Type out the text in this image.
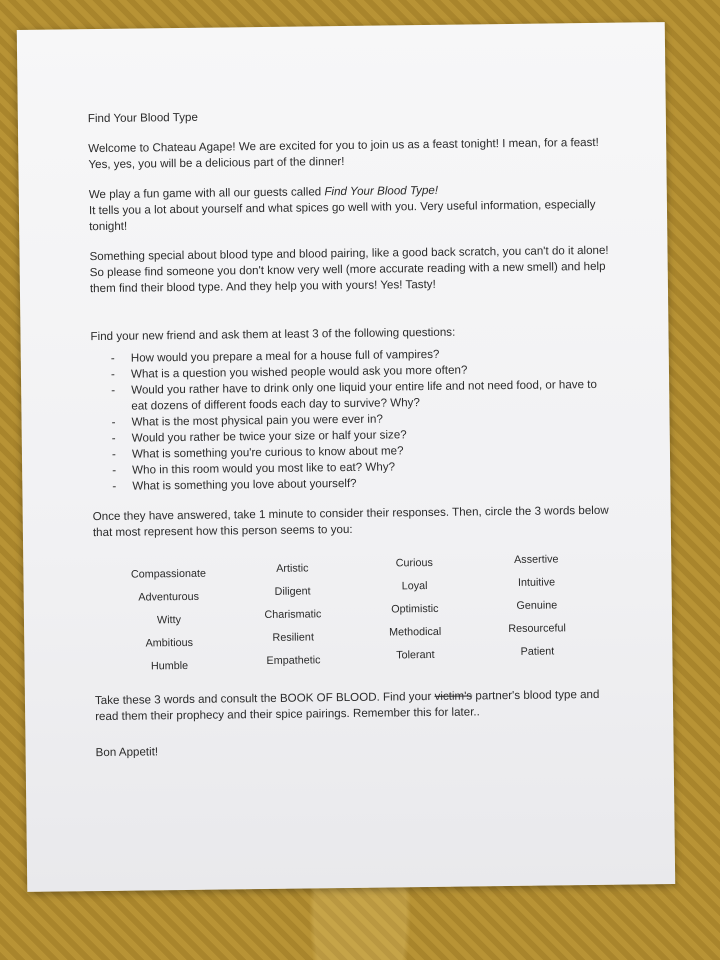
Find Your Blood Type

Welcome to Chateau Agape! We are excited for you to join us as a feast tonight! I mean, for a feast! Yes, yes, you will be a delicious part of the dinner!

We play a fun game with all our guests called Find Your Blood Type!
It tells you a lot about yourself and what spices go well with you. Very useful information, especially tonight!

Something special about blood type and blood pairing, like a good back scratch, you can't do it alone! So please find someone you don't know very well (more accurate reading with a new smell) and help them find their blood type. And they help you with yours! Yes! Tasty!

Find your new friend and ask them at least 3 of the following questions:

- How would you prepare a meal for a house full of vampires?
- What is a question you wished people would ask you more often?
- Would you rather have to drink only one liquid your entire life and not need food, or have to eat dozens of different foods each day to survive? Why?
- What is the most physical pain you were ever in?
- Would you rather be twice your size or half your size?
- What is something you're curious to know about me?
- Who in this room would you most like to eat? Why?
- What is something you love about yourself?

Once they have answered, take 1 minute to consider their responses. Then, circle the 3 words below that most represent how this person seems to you:

Compassionate
Adventurous
Witty
Ambitious
Humble
Artistic
Diligent
Charismatic
Resilient
Empathetic
Curious
Loyal
Optimistic
Methodical
Tolerant
Assertive
Intuitive
Genuine
Resourceful
Patient

Take these 3 words and consult the BOOK OF BLOOD. Find your victim's partner's blood type and read them their prophecy and their spice pairings. Remember this for later..

Bon Appetit!
